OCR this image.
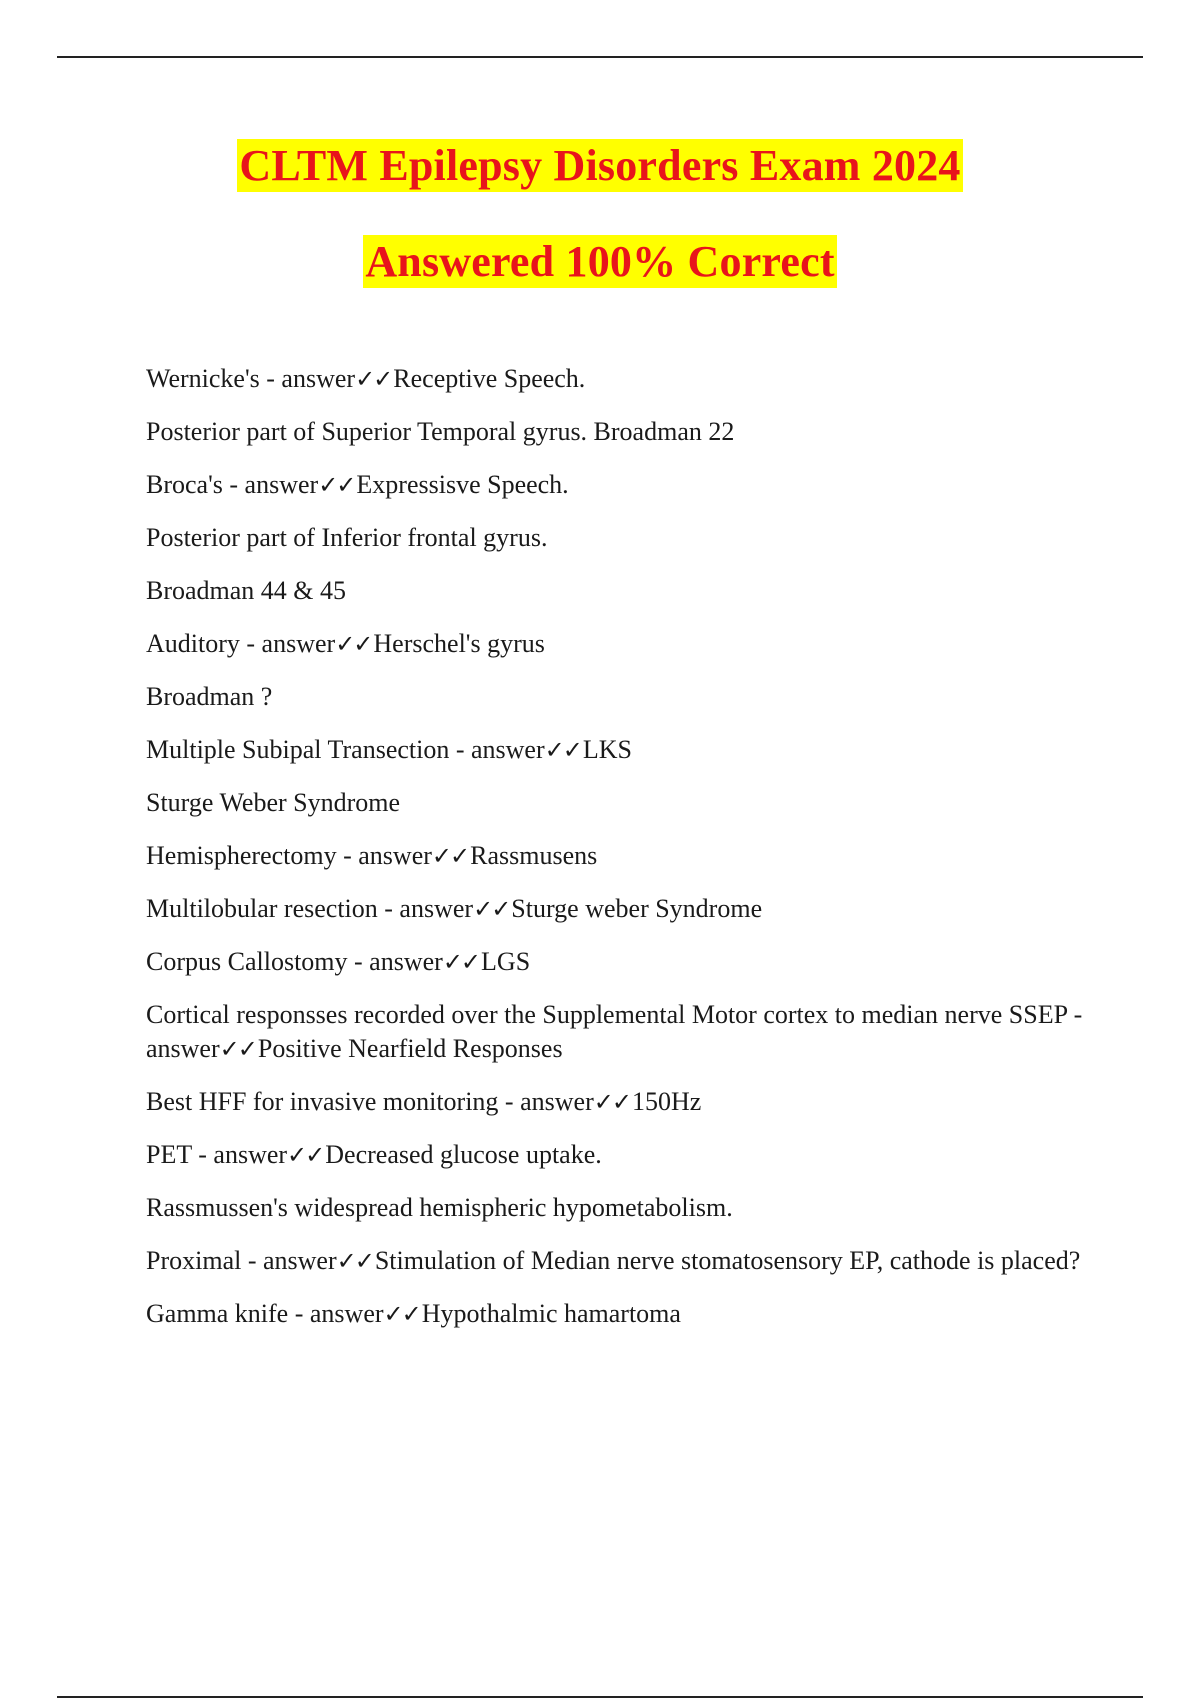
CLTM Epilepsy Disorders Exam 2024
Answered 100% Correct
Wernicke's - answer✓✓Receptive Speech.
Posterior part of Superior Temporal gyrus. Broadman 22
Broca's - answer✓✓Expressisve Speech.
Posterior part of Inferior frontal gyrus.
Broadman 44 & 45
Auditory - answer✓✓Herschel's gyrus
Broadman ?
Multiple Subipal Transection - answer✓✓LKS
Sturge Weber Syndrome
Hemispherectomy - answer✓✓Rassmusens
Multilobular resection - answer✓✓Sturge weber Syndrome
Corpus Callostomy - answer✓✓LGS
Cortical responsses recorded over the Supplemental Motor cortex to median nerve SSEP - answer✓✓Positive Nearfield Responses
Best HFF for invasive monitoring - answer✓✓150Hz
PET - answer✓✓Decreased glucose uptake.
Rassmussen's widespread hemispheric hypometabolism.
Proximal - answer✓✓Stimulation of Median nerve stomatosensory EP, cathode is placed?
Gamma knife - answer✓✓Hypothalmic hamartoma
